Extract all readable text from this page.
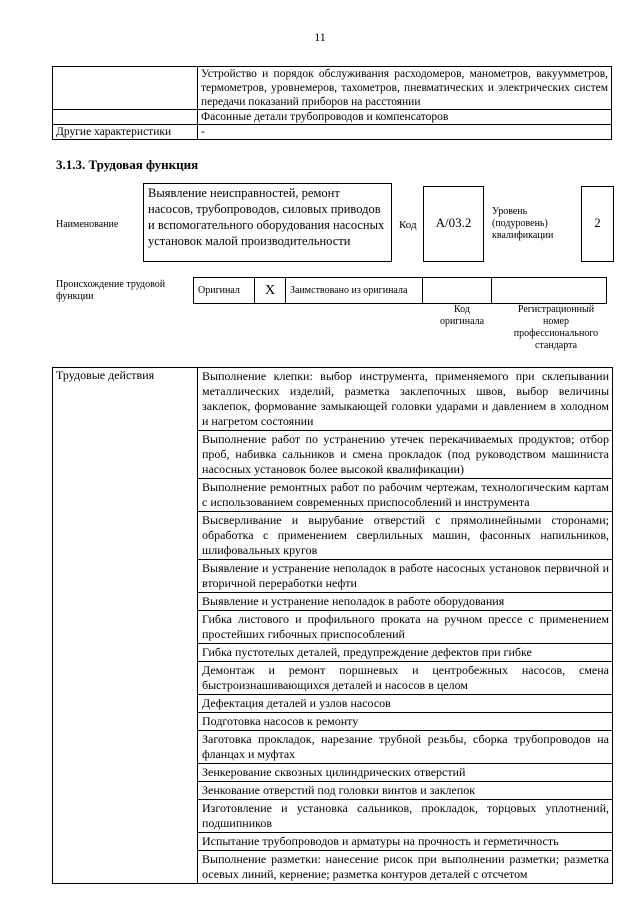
11
	Устройство и порядок обслуживания расходомеров, манометров, вакуумметров, термометров, уровнемеров, тахометров, пневматических и электрических систем передачи показаний приборов на расстоянии
	Фасонные детали трубопроводов и компенсаторов
Другие характеристики	-
3.1.3. Трудовая функция
Наименование
Выявление неисправностей, ремонт насосов, трубопроводов, силовых приводов и вспомогательного оборудования насосных установок малой производительности
Код	А/03.2
Уровень (подуровень) квалификации
2
Происхождение трудовой функции
Оригинал	X	Заимствовано из оригинала		
Код оригинала
Регистрационный номер профессионального стандарта
Трудовые действия	Выполнение клепки: выбор инструмента, применяемого при склепывании металлических изделий, разметка заклепочных швов, выбор величины заклепок, формование замыкающей головки ударами и давлением в холодном и нагретом состоянии
Выполнение работ по устранению утечек перекачиваемых продуктов; отбор проб, набивка сальников и смена прокладок (под руководством машиниста насосных установок более высокой квалификации)
Выполнение ремонтных работ по рабочим чертежам, технологическим картам с использованием современных приспособлений и инструмента
Высверливание и вырубание отверстий с прямолинейными сторонами; обработка с применением сверлильных машин, фасонных напильников, шлифовальных кругов
Выявление и устранение неполадок в работе насосных установок первичной и вторичной переработки нефти
Выявление и устранение неполадок в работе оборудования
Гибка листового и профильного проката на ручном прессе с применением простейших гибочных приспособлений
Гибка пустотелых деталей, предупреждение дефектов при гибке
Демонтаж и ремонт поршневых и центробежных насосов, смена быстроизнашивающихся деталей и насосов в целом
Дефектация деталей и узлов насосов
Подготовка насосов к ремонту
Заготовка прокладок, нарезание трубной резьбы, сборка трубопроводов на фланцах и муфтах
Зенкерование сквозных цилиндрических отверстий
Зенкование отверстий под головки винтов и заклепок
Изготовление и установка сальников, прокладок, торцовых уплотнений, подшипников
Испытание трубопроводов и арматуры на прочность и герметичность
Выполнение разметки: нанесение рисок при выполнении разметки; разметка осевых линий, кернение; разметка контуров деталей с отсчетом
